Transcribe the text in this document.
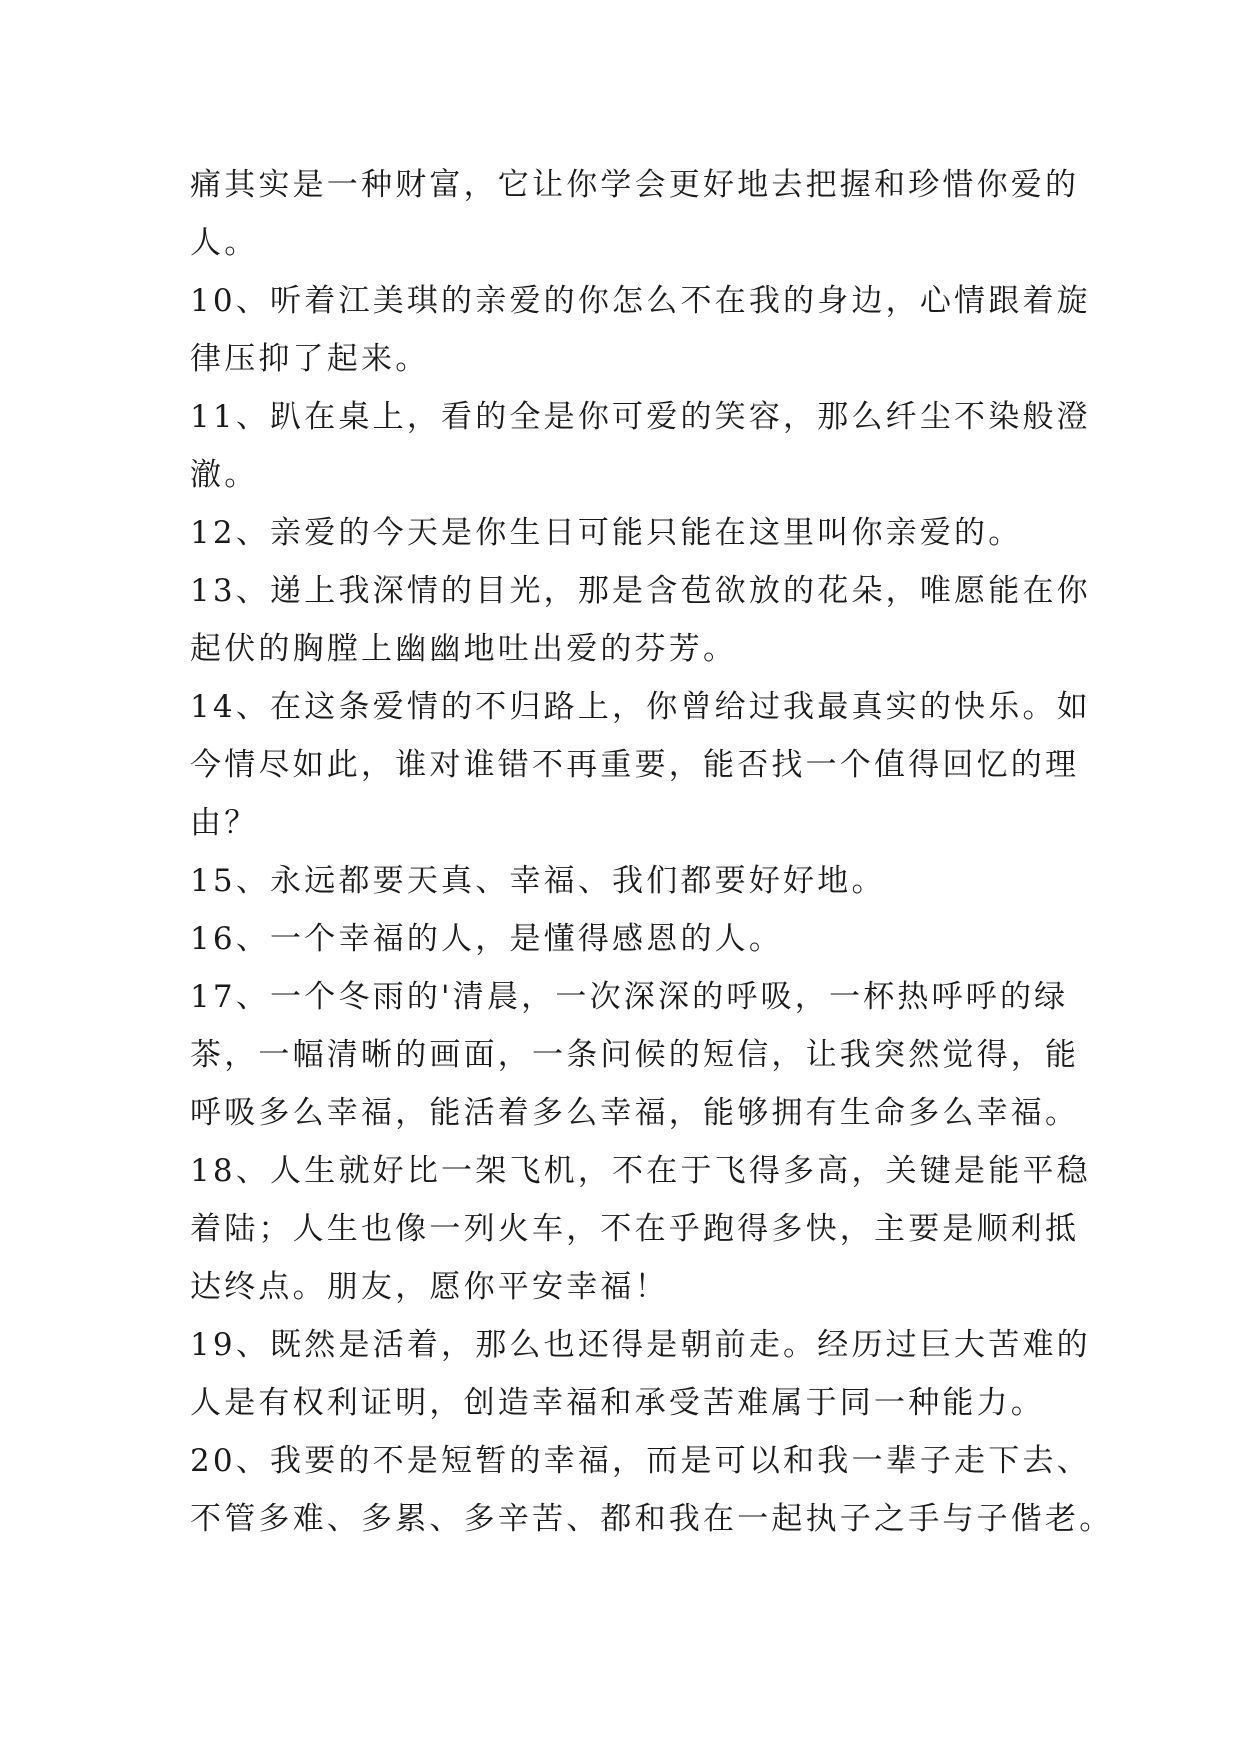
痛其实是一种财富，它让你学会更好地去把握和珍惜你爱的
人。
10、听着江美琪的亲爱的你怎么不在我的身边，心情跟着旋
律压抑了起来。
11、趴在桌上，看的全是你可爱的笑容，那么纤尘不染般澄
澈。
12、亲爱的今天是你生日可能只能在这里叫你亲爱的。
13、递上我深情的目光，那是含苞欲放的花朵，唯愿能在你
起伏的胸膛上幽幽地吐出爱的芬芳。
14、在这条爱情的不归路上，你曾给过我最真实的快乐。如
今情尽如此，谁对谁错不再重要，能否找一个值得回忆的理
由？
15、永远都要天真、幸福、我们都要好好地。
16、一个幸福的人，是懂得感恩的人。
17、一个冬雨的'清晨，一次深深的呼吸，一杯热呼呼的绿
茶，一幅清晰的画面，一条问候的短信，让我突然觉得，能
呼吸多么幸福，能活着多么幸福，能够拥有生命多么幸福。
18、人生就好比一架飞机，不在于飞得多高，关键是能平稳
着陆；人生也像一列火车，不在乎跑得多快，主要是顺利抵
达终点。朋友，愿你平安幸福！
19、既然是活着，那么也还得是朝前走。经历过巨大苦难的
人是有权利证明，创造幸福和承受苦难属于同一种能力。
20、我要的不是短暂的幸福，而是可以和我一辈子走下去、
不管多难、多累、多辛苦、都和我在一起执子之手与子偕老。
